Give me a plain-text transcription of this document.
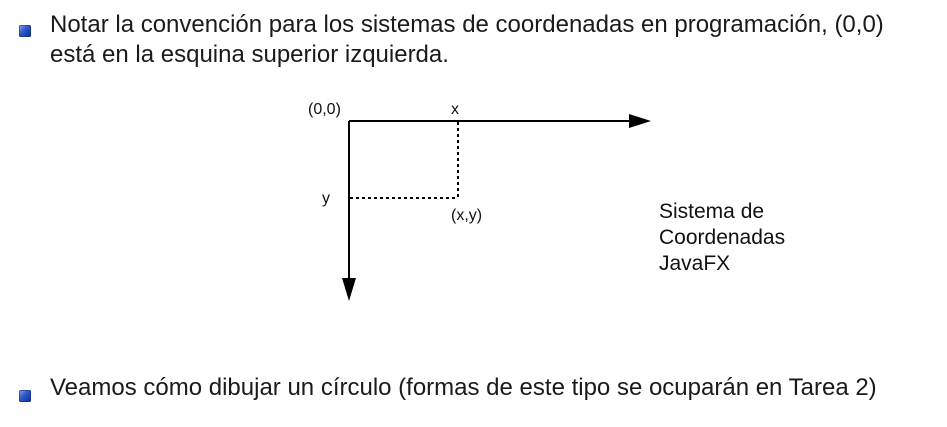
Notar la convención para los sistemas de coordenadas en programación, (0,0)
está en la esquina superior izquierda.
(0,0)	x
y
(x,y)	Sistema de
Coordenadas
JavaFX
Veamos cómo dibujar un círculo (formas de este tipo se ocuparán en Tarea 2)
